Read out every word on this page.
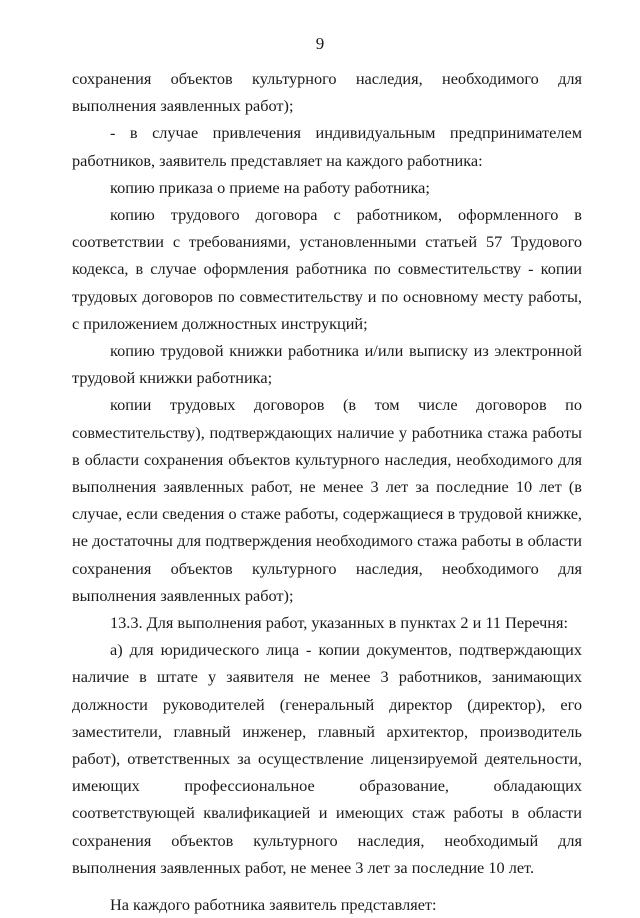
9

сохранения объектов культурного наследия, необходимого для выполнения заявленных работ);

- в случае привлечения индивидуальным предпринимателем работников, заявитель представляет на каждого работника:

копию приказа о приеме на работу работника;

копию трудового договора с работником, оформленного в соответствии с требованиями, установленными статьей 57 Трудового кодекса, в случае оформления работника по совместительству - копии трудовых договоров по совместительству и по основному месту работы, с приложением должностных инструкций;

копию трудовой книжки работника и/или выписку из электронной трудовой книжки работника;

копии трудовых договоров (в том числе договоров по совместительству), подтверждающих наличие у работника стажа работы в области сохранения объектов культурного наследия, необходимого для выполнения заявленных работ, не менее 3 лет за последние 10 лет (в случае, если сведения о стаже работы, содержащиеся в трудовой книжке, не достаточны для подтверждения необходимого стажа работы в области сохранения объектов культурного наследия, необходимого для выполнения заявленных работ);

13.3. Для выполнения работ, указанных в пунктах 2 и 11 Перечня:

а) для юридического лица - копии документов, подтверждающих наличие в штате у заявителя не менее 3 работников, занимающих должности руководителей (генеральный директор (директор), его заместители, главный инженер, главный архитектор, производитель работ), ответственных за осуществление лицензируемой деятельности, имеющих профессиональное образование, обладающих соответствующей квалификацией и имеющих стаж работы в области сохранения объектов культурного наследия, необходимый для выполнения заявленных работ, не менее 3 лет за последние 10 лет.

На каждого работника заявитель представляет:
